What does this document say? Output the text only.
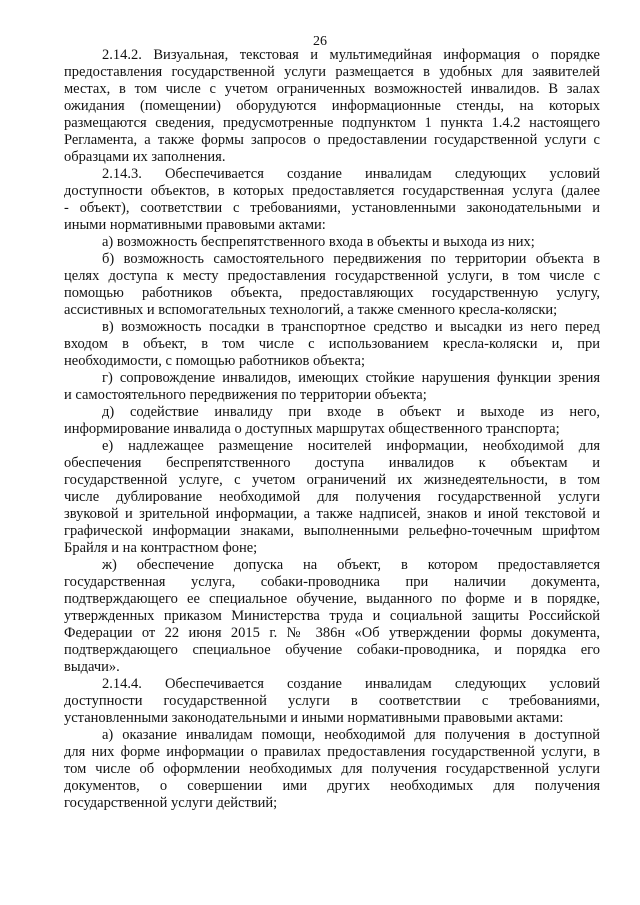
26
2.14.2. Визуальная, текстовая и мультимедийная информация о порядке
предоставления государственной услуги размещается в удобных для заявителей
местах, в том числе с учетом ограниченных возможностей инвалидов. В залах
ожидания (помещении) оборудуются информационные стенды, на которых
размещаются сведения, предусмотренные подпунктом 1 пункта 1.4.2 настоящего
Регламента, а также формы запросов о предоставлении государственной услуги с
образцами их заполнения.
2.14.3. Обеспечивается создание инвалидам следующих условий
доступности объектов, в которых предоставляется государственная услуга (далее
- объект), соответствии с требованиями, установленными законодательными и
иными нормативными правовыми актами:
а) возможность беспрепятственного входа в объекты и выхода из них;
б) возможность самостоятельного передвижения по территории объекта в
целях доступа к месту предоставления государственной услуги, в том числе с
помощью работников объекта, предоставляющих государственную услугу,
ассистивных и вспомогательных технологий, а также сменного кресла-коляски;
в) возможность посадки в транспортное средство и высадки из него перед
входом в объект, в том числе с использованием кресла-коляски и, при
необходимости, с помощью работников объекта;
г) сопровождение инвалидов, имеющих стойкие нарушения функции зрения
и самостоятельного передвижения по территории объекта;
д) содействие инвалиду при входе в объект и выходе из него,
информирование инвалида о доступных маршрутах общественного транспорта;
е) надлежащее размещение носителей информации, необходимой для
обеспечения беспрепятственного доступа инвалидов к объектам и
государственной услуге, с учетом ограничений их жизнедеятельности, в том
числе дублирование необходимой для получения государственной услуги
звуковой и зрительной информации, а также надписей, знаков и иной текстовой и
графической информации знаками, выполненными рельефно-точечным шрифтом
Брайля и на контрастном фоне;
ж) обеспечение допуска на объект, в котором предоставляется
государственная услуга, собаки-проводника при наличии документа,
подтверждающего ее специальное обучение, выданного по форме и в порядке,
утвержденных приказом Министерства труда и социальной защиты Российской
Федерации от 22 июня 2015 г. № 386н «Об утверждении формы документа,
подтверждающего специальное обучение собаки-проводника, и порядка его
выдачи».
2.14.4. Обеспечивается создание инвалидам следующих условий
доступности государственной услуги в соответствии с требованиями,
установленными законодательными и иными нормативными правовыми актами:
а) оказание инвалидам помощи, необходимой для получения в доступной
для них форме информации о правилах предоставления государственной услуги, в
том числе об оформлении необходимых для получения государственной услуги
документов, о совершении ими других необходимых для получения
государственной услуги действий;
